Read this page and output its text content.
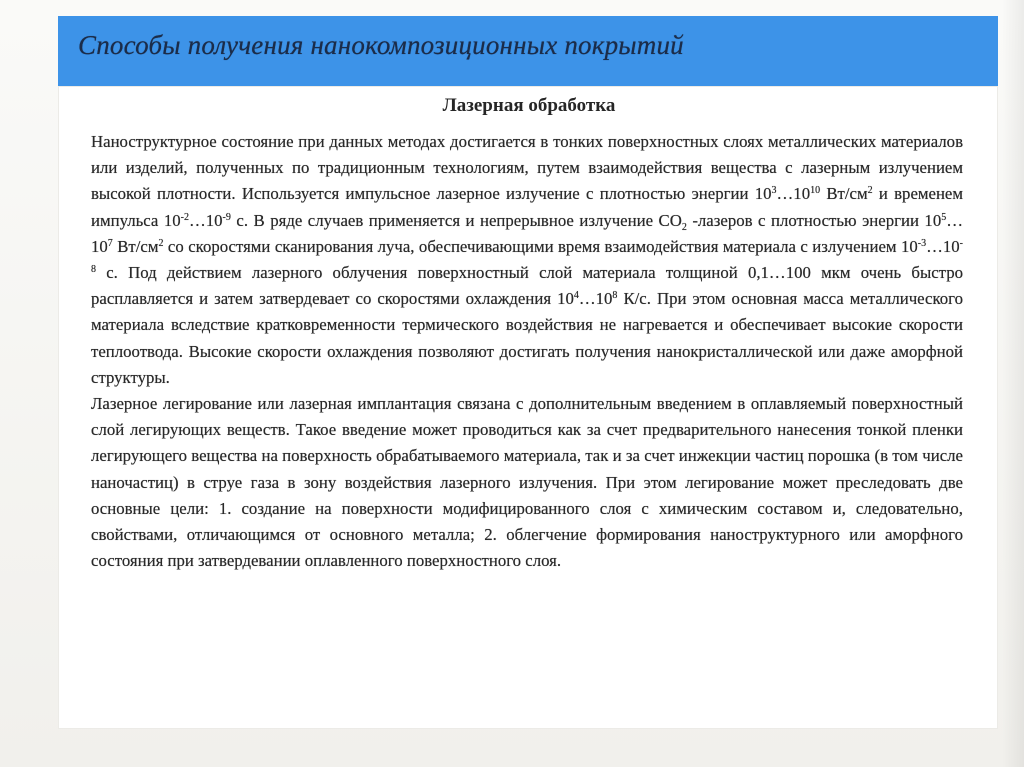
Способы получения нанокомпозиционных покрытий
Лазерная обработка

Наноструктурное состояние при данных методах достигается в тонких поверхностных слоях металлических материалов или изделий, полученных по традиционным технологиям, путем взаимодействия вещества с лазерным излучением высокой плотности. Используется импульсное лазерное излучение с плотностью энергии $10^3\dots 10^{10}$ $Вт/см^2$ и временем импульса $10^{-2}\dots 10^{-9}$ с. В ряде случаев применяется и непрерывное излучение $СО_2$ -лазеров с плотностью энергии $10^5\dots 10^7$ $Вт/см^2$ со скоростями сканирования луча, обеспечивающими время взаимодействия материала с излучением $10^{-3}\dots 10^{-8}$ с. Под действием лазерного облучения поверхностный слой материала толщиной 0,1…100 мкм очень быстро расплавляется и затем затвердевает со скоростями охлаждения $10^4\dots 10^8$ К/с. При этом основная масса металлического материала вследствие кратковременности термического воздействия не нагревается и обеспечивает высокие скорости теплоотвода. Высокие скорости охлаждения позволяют достигать получения нанокристаллической или даже аморфной структуры.

Лазерное легирование или лазерная имплантация связана с дополнительным введением в оплавляемый поверхностный слой легирующих веществ. Такое введение может проводиться как за счет предварительного нанесения тонкой пленки легирующего вещества на поверхность обрабатываемого материала, так и за счет инжекции частиц порошка (в том числе наночастиц) в струе газа в зону воздействия лазерного излучения. При этом легирование может преследовать две основные цели: 1. создание на поверхности модифицированного слоя с химическим составом и, следовательно, свойствами, отличающимся от основного металла; 2. облегчение формирования наноструктурного или аморфного состояния при затвердевании оплавленного поверхностного слоя.
